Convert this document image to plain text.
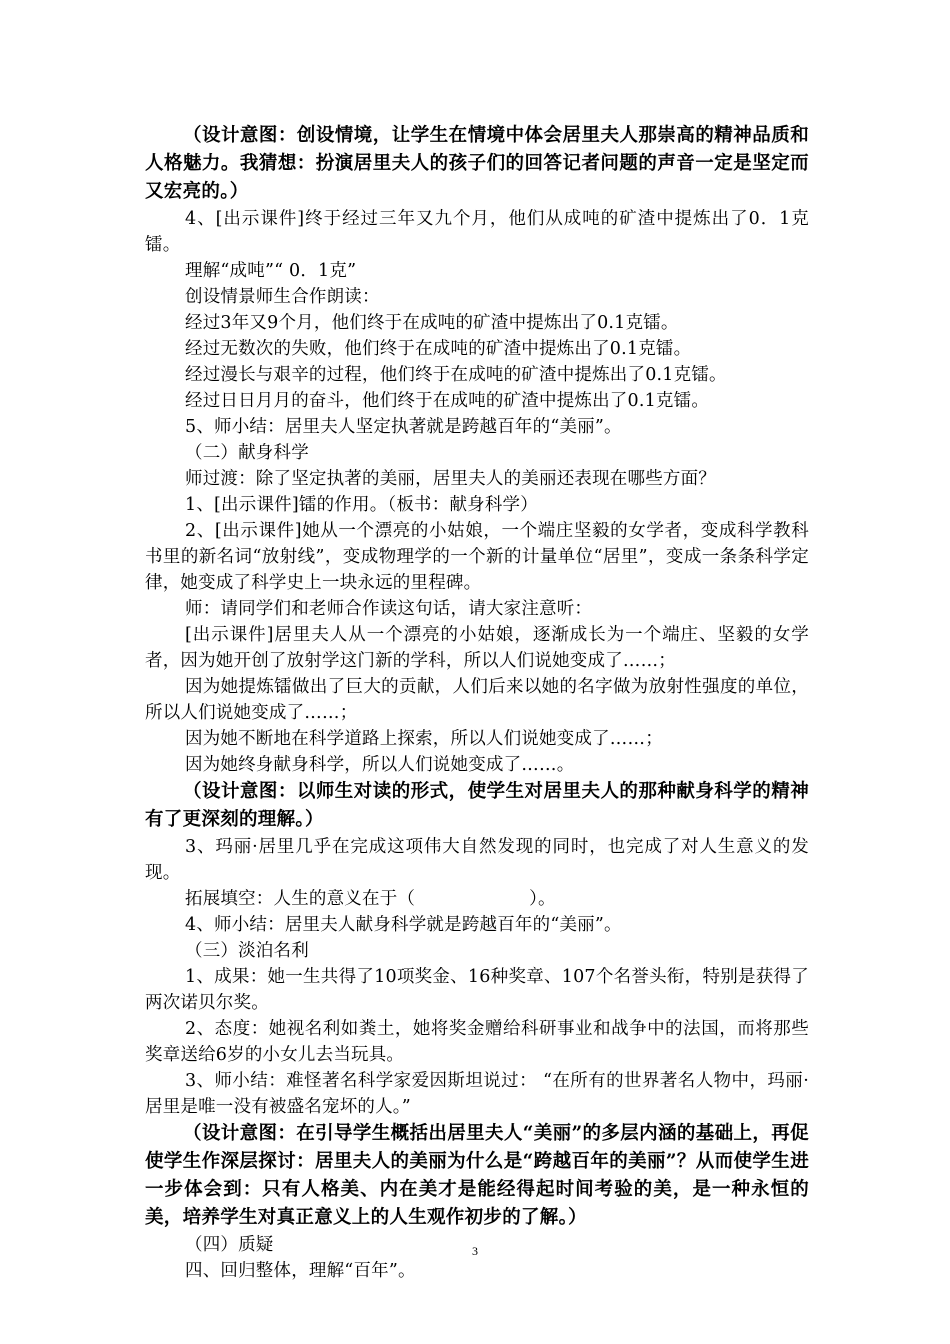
（设计意图：创设情境，让学生在情境中体会居里夫人那崇高的精神品质和人格魅力。我猜想：扮演居里夫人的孩子们的回答记者问题的声音一定是坚定而又宏亮的。）

4、[出示课件]终于经过三年又九个月，他们从成吨的矿渣中提炼出了0．1克镭。

理解“成吨”“ 0．1克”

创设情景师生合作朗读：

经过3年又9个月，他们终于在成吨的矿渣中提炼出了0.1克镭。

经过无数次的失败，他们终于在成吨的矿渣中提炼出了0.1克镭。

经过漫长与艰辛的过程，他们终于在成吨的矿渣中提炼出了0.1克镭。

经过日日月月的奋斗，他们终于在成吨的矿渣中提炼出了0.1克镭。

5、师小结：居里夫人坚定执著就是跨越百年的“美丽”。

（二）献身科学

师过渡：除了坚定执著的美丽，居里夫人的美丽还表现在哪些方面？

1、[出示课件]镭的作用。（板书：献身科学）

2、[出示课件]她从一个漂亮的小姑娘，一个端庄坚毅的女学者，变成科学教科书里的新名词“放射线”，变成物理学的一个新的计量单位“居里”，变成一条条科学定律，她变成了科学史上一块永远的里程碑。

师：请同学们和老师合作读这句话，请大家注意听：

[出示课件]居里夫人从一个漂亮的小姑娘，逐渐成长为一个端庄、坚毅的女学者，因为她开创了放射学这门新的学科，所以人们说她变成了……；

因为她提炼镭做出了巨大的贡献，人们后来以她的名字做为放射性强度的单位，所以人们说她变成了……；

因为她不断地在科学道路上探索，所以人们说她变成了……；

因为她终身献身科学，所以人们说她变成了……。

（设计意图：以师生对读的形式，使学生对居里夫人的那种献身科学的精神有了更深刻的理解。）

3、玛丽·居里几乎在完成这项伟大自然发现的同时，也完成了对人生意义的发现。

拓展填空：人生的意义在于（	）。

4、师小结：居里夫人献身科学就是跨越百年的“美丽”。

（三）淡泊名利

1、成果：她一生共得了10项奖金、16种奖章、107个名誉头衔，特别是获得了两次诺贝尔奖。

2、态度：她视名利如粪土，她将奖金赠给科研事业和战争中的法国，而将那些奖章送给6岁的小女儿去当玩具。

3、师小结：难怪著名科学家爱因斯坦说过： “在所有的世界著名人物中，玛丽·居里是唯一没有被盛名宠坏的人。”

（设计意图：在引导学生概括出居里夫人“美丽”的多层内涵的基础上，再促使学生作深层探讨：居里夫人的美丽为什么是“跨越百年的美丽”？从而使学生进一步体会到：只有人格美、内在美才是能经得起时间考验的美，是一种永恒的美，培养学生对真正意义上的人生观作初步的了解。）

（四）质疑

四、回归整体，理解“百年”。

3
